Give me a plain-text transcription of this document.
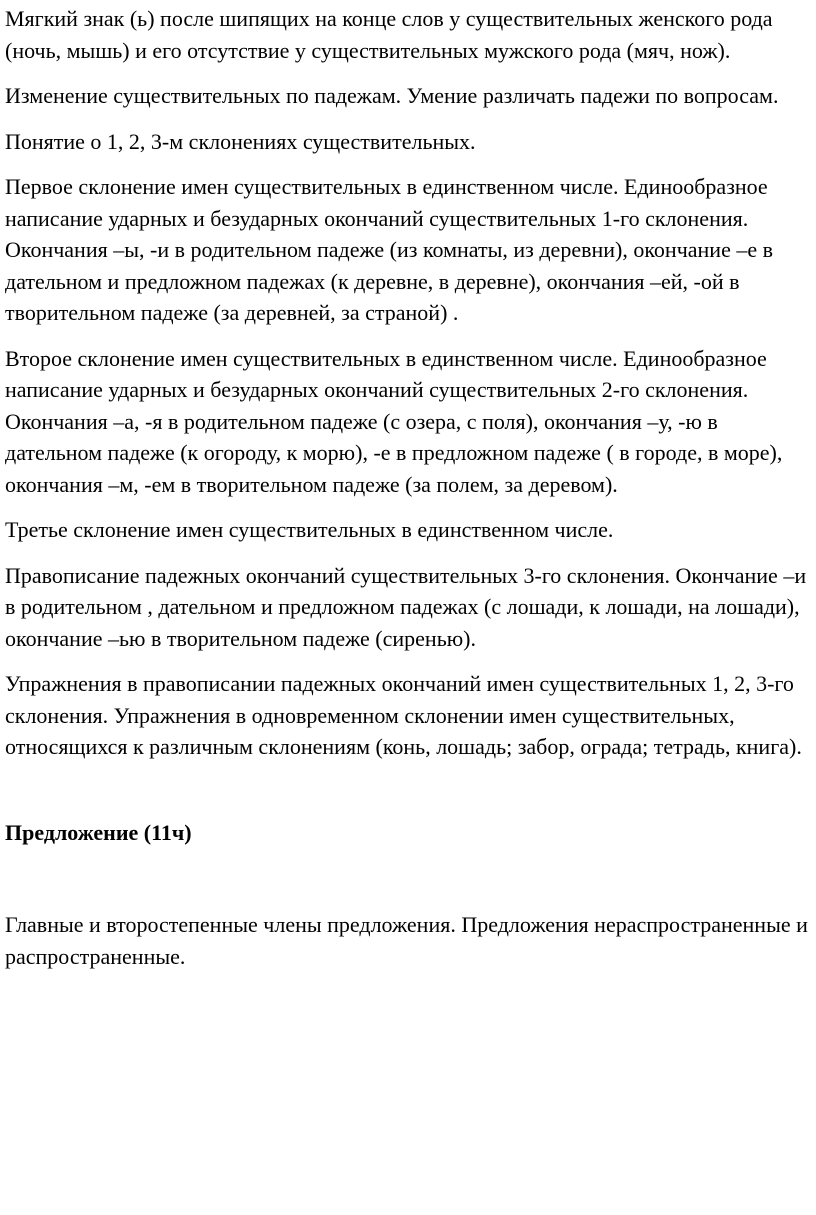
Мягкий знак (ь) после шипящих на конце слов у существительных женского рода (ночь, мышь) и его отсутствие у существительных мужского рода (мяч, нож).

Изменение существительных по падежам. Умение различать падежи по вопросам.

Понятие о 1, 2, 3-м склонениях существительных.

Первое склонение имен существительных в единственном числе. Единообразное написание ударных и безударных окончаний существительных 1-го склонения. Окончания –ы, -и в родительном падеже (из комнаты, из деревни), окончание –е в дательном и предложном падежах (к деревне, в деревне), окончания –ей, -ой в творительном падеже (за деревней, за страной) .

Второе склонение имен существительных в единственном числе. Единообразное написание ударных и безударных окончаний существительных 2-го склонения. Окончания –а, -я в родительном падеже (с озера, с поля), окончания –у, -ю в дательном падеже (к огороду, к морю), -е в предложном падеже ( в городе, в море), окончания –м, -ем в творительном падеже (за полем, за деревом).

Третье склонение имен существительных в единственном числе.

Правописание падежных окончаний существительных 3-го склонения. Окончание –и в родительном , дательном и предложном падежах (с лошади, к лошади, на лошади), окончание –ью в творительном падеже (сиренью).

Упражнения в правописании падежных окончаний имен существительных 1, 2, 3-го склонения. Упражнения в одновременном склонении имен существительных, относящихся к различным склонениям (конь, лошадь; забор, ограда; тетрадь, книга).

Предложение (11ч)

Главные и второстепенные члены предложения. Предложения нераспространенные и распространенные.
